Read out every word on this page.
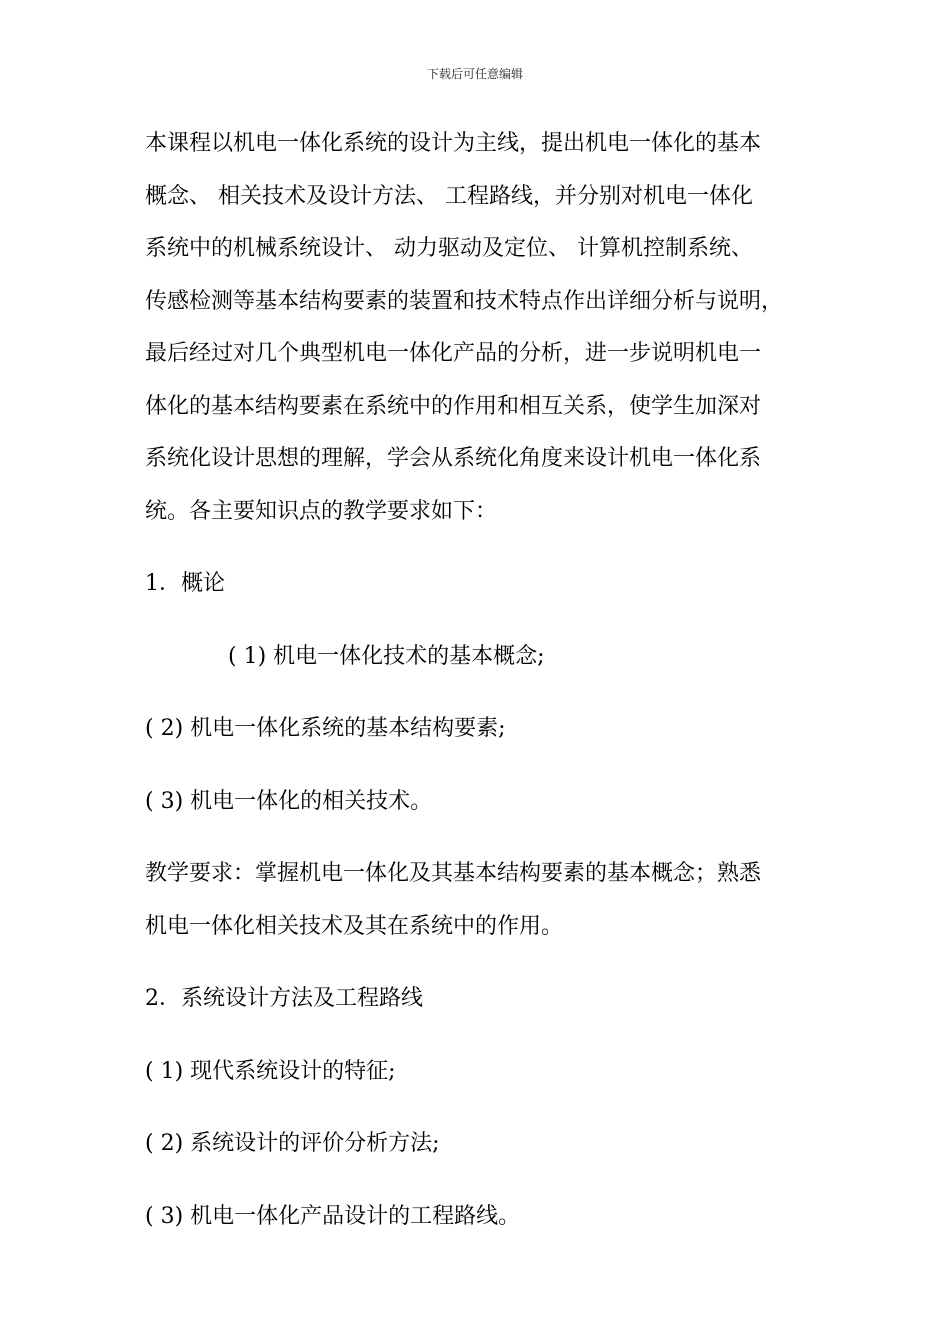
下载后可任意编辑

本课程以机电一体化系统的设计为主线，提出机电一体化的基本
概念、 相关技术及设计方法、 工程路线，并分别对机电一体化
系统中的机械系统设计、 动力驱动及定位、 计算机控制系统、
传感检测等基本结构要素的装置和技术特点作出详细分析与说明，
最后经过对几个典型机电一体化产品的分析，进一步说明机电一
体化的基本结构要素在系统中的作用和相互关系，使学生加深对
系统化设计思想的理解，学会从系统化角度来设计机电一体化系
统。各主要知识点的教学要求如下：

1．概论

( 1) 机电一体化技术的基本概念;

( 2) 机电一体化系统的基本结构要素;

( 3) 机电一体化的相关技术。

教学要求：掌握机电一体化及其基本结构要素的基本概念；熟悉
机电一体化相关技术及其在系统中的作用。

2．系统设计方法及工程路线

( 1) 现代系统设计的特征;

( 2) 系统设计的评价分析方法;

( 3) 机电一体化产品设计的工程路线。
